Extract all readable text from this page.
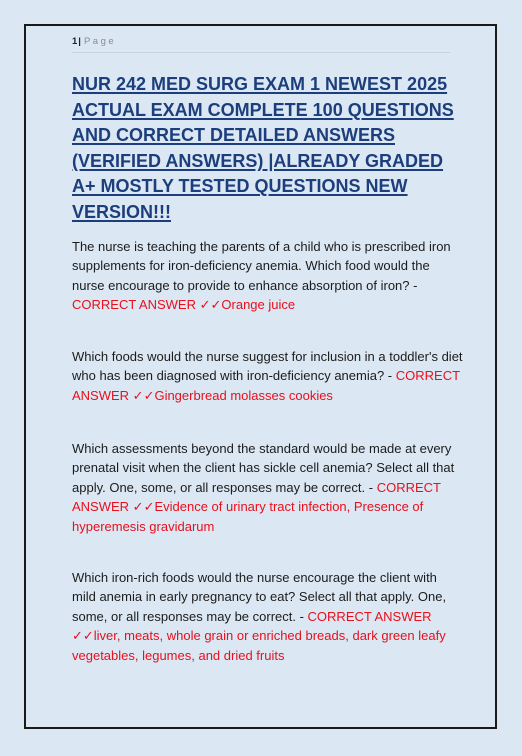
1| Page
NUR 242 MED SURG EXAM 1 NEWEST 2025 ACTUAL EXAM COMPLETE 100 QUESTIONS AND CORRECT DETAILED ANSWERS (VERIFIED ANSWERS) |ALREADY GRADED A+ MOSTLY TESTED QUESTIONS NEW VERSION!!!

The nurse is teaching the parents of a child who is prescribed iron supplements for iron-deficiency anemia. Which food would the nurse encourage to provide to enhance absorption of iron? - CORRECT ANSWER ✓✓Orange juice

Which foods would the nurse suggest for inclusion in a toddler's diet who has been diagnosed with iron-deficiency anemia? - CORRECT ANSWER ✓✓Gingerbread molasses cookies

Which assessments beyond the standard would be made at every prenatal visit when the client has sickle cell anemia? Select all that apply. One, some, or all responses may be correct. - CORRECT ANSWER ✓✓Evidence of urinary tract infection, Presence of hyperemesis gravidarum

Which iron-rich foods would the nurse encourage the client with mild anemia in early pregnancy to eat? Select all that apply. One, some, or all responses may be correct. - CORRECT ANSWER ✓✓liver, meats, whole grain or enriched breads, dark green leafy vegetables, legumes, and dried fruits
